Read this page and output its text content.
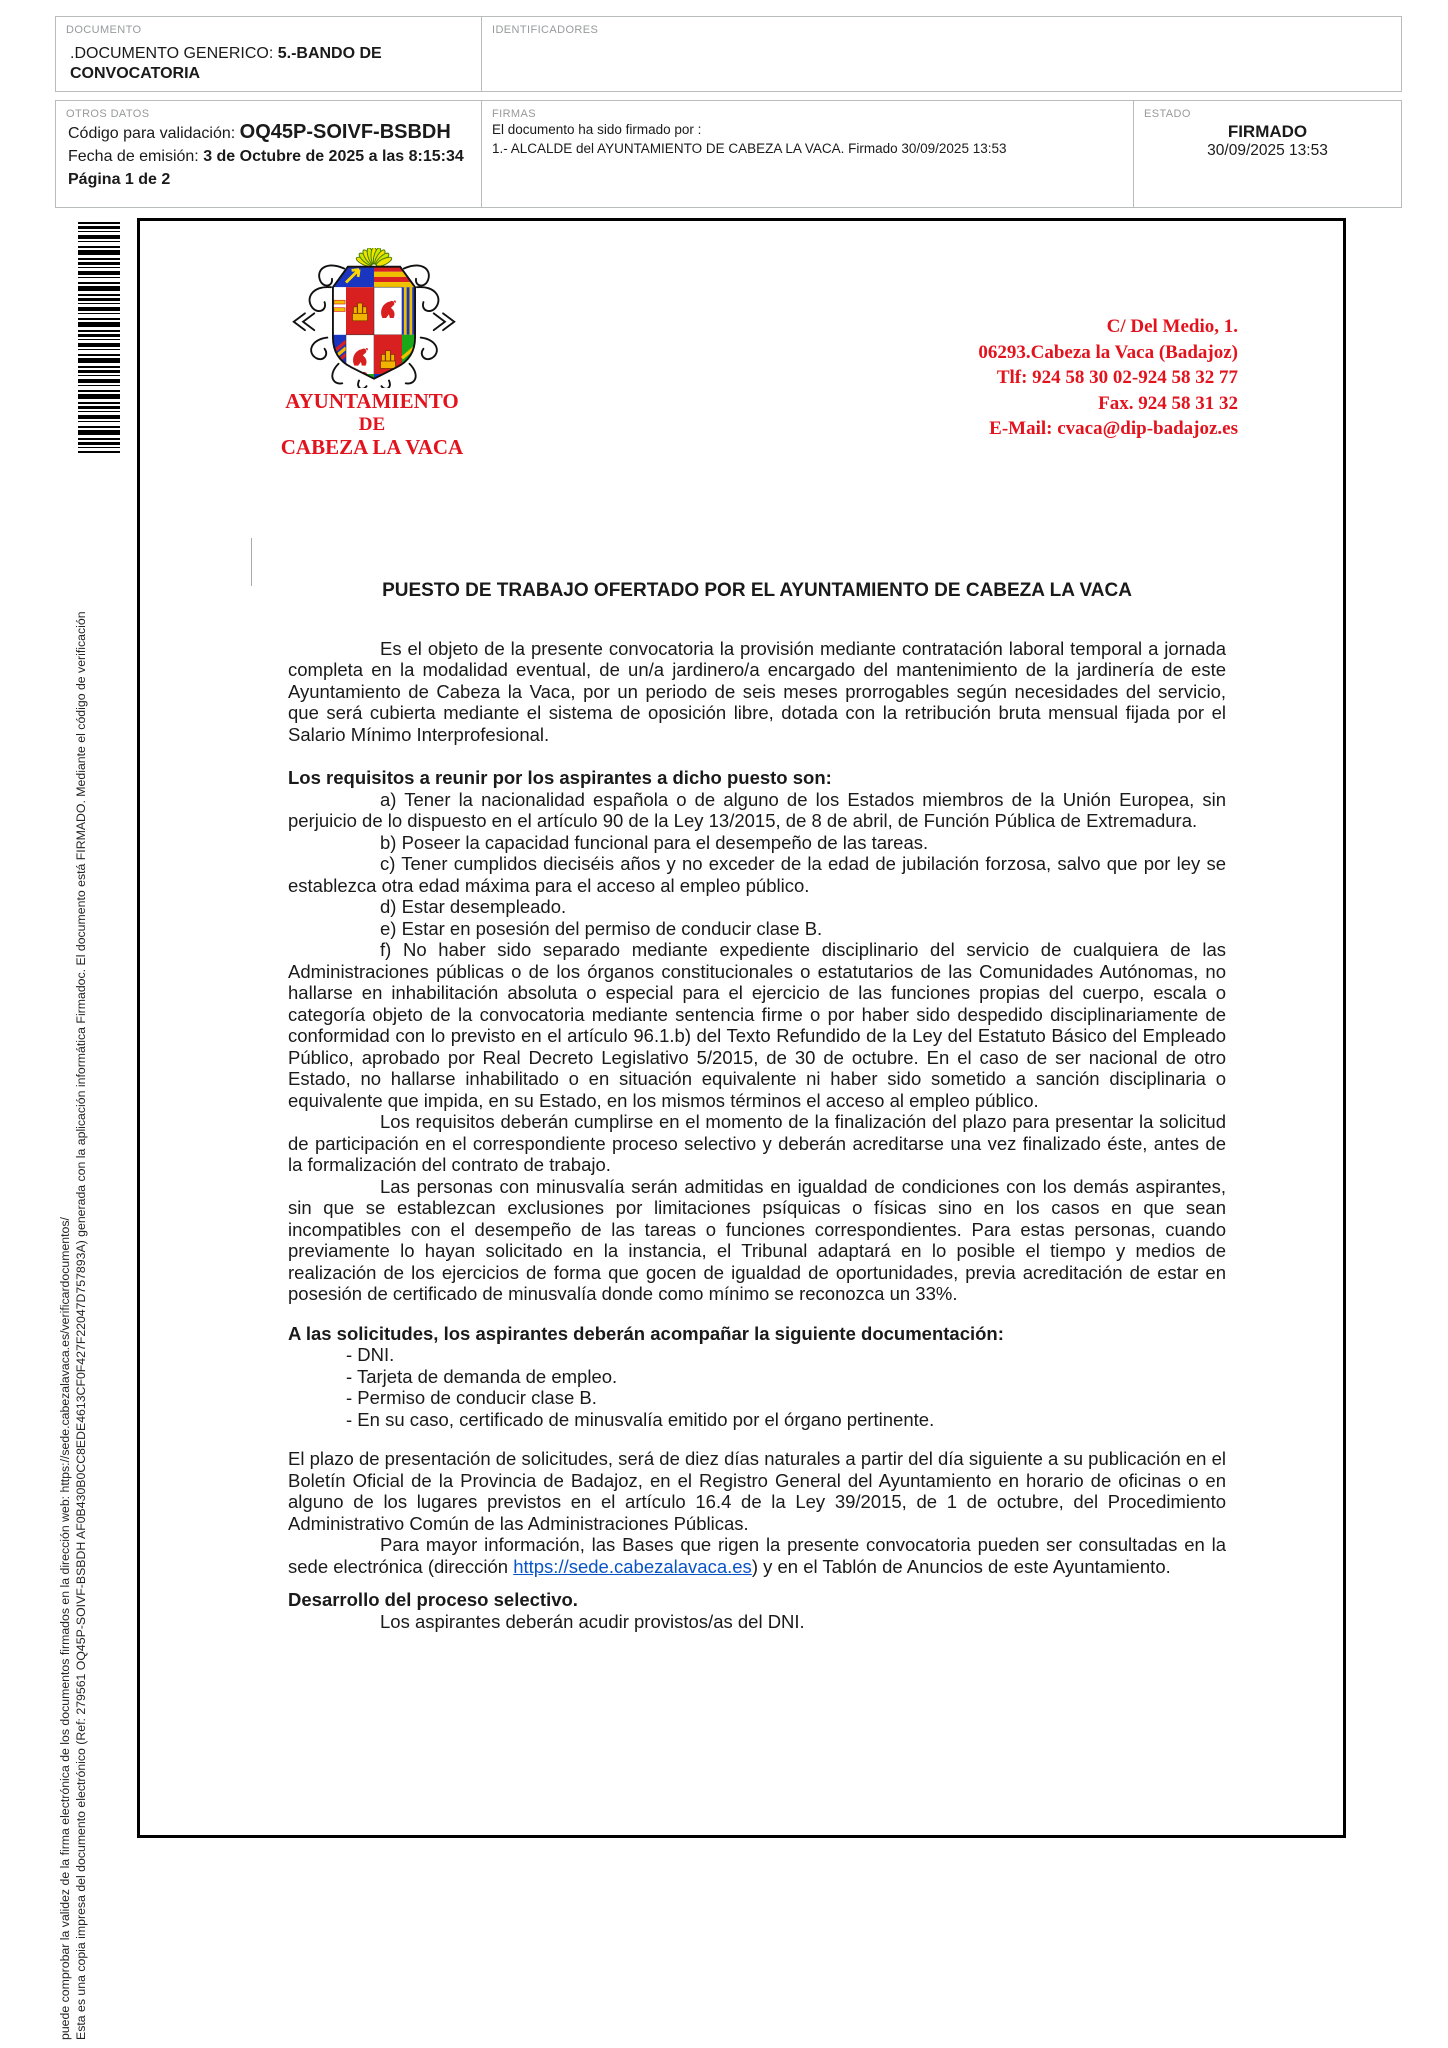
DOCUMENTO
.DOCUMENTO GENERICO: 5.-BANDO DE CONVOCATORIA
IDENTIFICADORES
OTROS DATOS
Código para validación: OQ45P-SOIVF-BSBDH
Fecha de emisión: 3 de Octubre de 2025 a las 8:15:34
Página 1 de 2
FIRMAS
El documento ha sido firmado por :
1.- ALCALDE del AYUNTAMIENTO DE CABEZA LA VACA. Firmado 30/09/2025 13:53
ESTADO
FIRMADO
30/09/2025 13:53
Esta es una copia impresa del documento electrónico (Ref: 279561 OQ45P-SOIVF-BSBDH AF0B430B0CC8EDE4613CF0F427F22047D757893A) generada con la aplicación informática Firmadoc. El documento está FIRMADO. Mediante el código de verificación
puede comprobar la validez de la firma electrónica de los documentos firmados en la dirección web: https://sede.cabezalavaca.es/verificardocumentos/
AYUNTAMIENTO
DE
CABEZA LA VACA
C/ Del Medio, 1.
06293.Cabeza la Vaca (Badajoz)
Tlf: 924 58 30 02-924 58 32 77
Fax. 924 58 31 32
E-Mail: cvaca@dip-badajoz.es

PUESTO DE TRABAJO OFERTADO POR EL AYUNTAMIENTO DE CABEZA LA VACA

Es el objeto de la presente convocatoria la provisión mediante contratación laboral temporal a jornada completa en la modalidad eventual, de un/a jardinero/a encargado del mantenimiento de la jardinería de este Ayuntamiento de Cabeza la Vaca, por un periodo de seis meses prorrogables según necesidades del servicio, que será cubierta mediante el sistema de oposición libre, dotada con la retribución bruta mensual fijada por el Salario Mínimo Interprofesional.

Los requisitos a reunir por los aspirantes a dicho puesto son:

a) Tener la nacionalidad española o de alguno de los Estados miembros de la Unión Europea, sin perjuicio de lo dispuesto en el artículo 90 de la Ley 13/2015, de 8 de abril, de Función Pública de Extremadura.

b) Poseer la capacidad funcional para el desempeño de las tareas.

c) Tener cumplidos dieciséis años y no exceder de la edad de jubilación forzosa, salvo que por ley se establezca otra edad máxima para el acceso al empleo público.

d) Estar desempleado.

e) Estar en posesión del permiso de conducir clase B.

f) No haber sido separado mediante expediente disciplinario del servicio de cualquiera de las Administraciones públicas o de los órganos constitucionales o estatutarios de las Comunidades Autónomas, no hallarse en inhabilitación absoluta o especial para el ejercicio de las funciones propias del cuerpo, escala o categoría objeto de la convocatoria mediante sentencia firme o por haber sido despedido disciplinariamente de conformidad con lo previsto en el artículo 96.1.b) del Texto Refundido de la Ley del Estatuto Básico del Empleado Público, aprobado por Real Decreto Legislativo 5/2015, de 30 de octubre. En el caso de ser nacional de otro Estado, no hallarse inhabilitado o en situación equivalente ni haber sido sometido a sanción disciplinaria o equivalente que impida, en su Estado, en los mismos términos el acceso al empleo público.

Los requisitos deberán cumplirse en el momento de la finalización del plazo para presentar la solicitud de participación en el correspondiente proceso selectivo y deberán acreditarse una vez finalizado éste, antes de la formalización del contrato de trabajo.

Las personas con minusvalía serán admitidas en igualdad de condiciones con los demás aspirantes, sin que se establezcan exclusiones por limitaciones psíquicas o físicas sino en los casos en que sean incompatibles con el desempeño de las tareas o funciones correspondientes. Para estas personas, cuando previamente lo hayan solicitado en la instancia, el Tribunal adaptará en lo posible el tiempo y medios de realización de los ejercicios de forma que gocen de igualdad de oportunidades, previa acreditación de estar en posesión de certificado de minusvalía donde como mínimo se reconozca un 33%.

A las solicitudes, los aspirantes deberán acompañar la siguiente documentación:

- DNI.

- Tarjeta de demanda de empleo.

- Permiso de conducir clase B.

- En su caso, certificado de minusvalía emitido por el órgano pertinente.

El plazo de presentación de solicitudes, será de diez días naturales a partir del día siguiente a su publicación en el Boletín Oficial de la Provincia de Badajoz, en el Registro General del Ayuntamiento en horario de oficinas o en alguno de los lugares previstos en el artículo 16.4 de la Ley 39/2015, de 1 de octubre, del Procedimiento Administrativo Común de las Administraciones Públicas.

Para mayor información, las Bases que rigen la presente convocatoria pueden ser consultadas en la sede electrónica (dirección https://sede.cabezalavaca.es) y en el Tablón de Anuncios de este Ayuntamiento.

Desarrollo del proceso selectivo.

Los aspirantes deberán acudir provistos/as del DNI.
